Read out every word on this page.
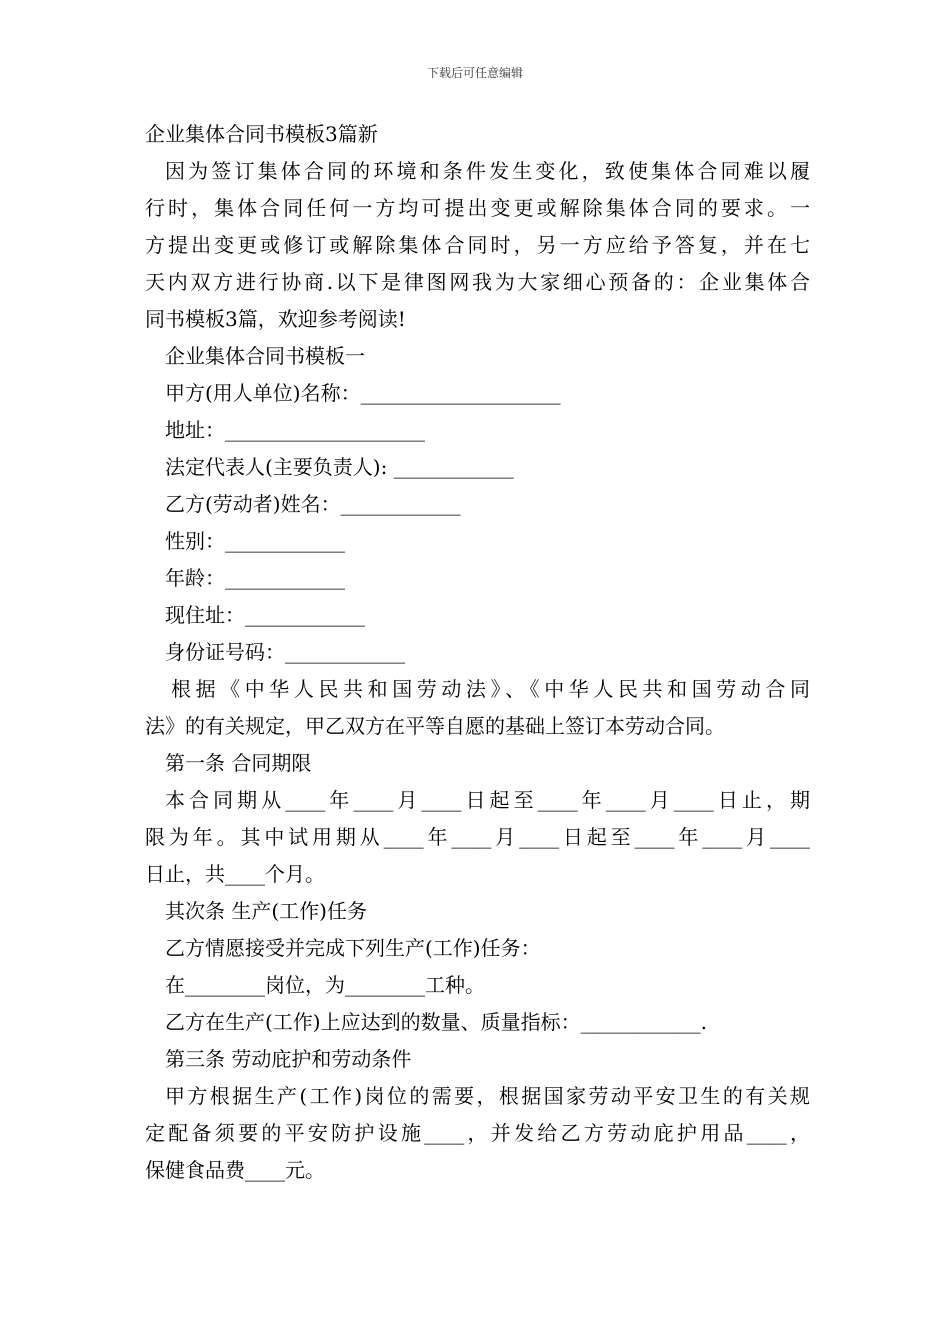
下载后可任意编辑
企业集体合同书模板3篇新
因为签订集体合同的环境和条件发生变化，致使集体合同难以履
行时，集体合同任何一方均可提出变更或解除集体合同的要求。一
方提出变更或修订或解除集体合同时，另一方应给予答复，并在七
天内双方进行协商.以下是律图网我为大家细心预备的：企业集体合
同书模板3篇，欢迎参考阅读!
企业集体合同书模板一
甲方(用人单位)名称：____________________
地址：____________________
法定代表人(主要负责人): ____________
乙方(劳动者)姓名：____________
性别：____________
年龄：____________
现住址：____________
身份证号码：____________
根据《中华人民共和国劳动法》、《中华人民共和国劳动合同
法》的有关规定，甲乙双方在平等自愿的基础上签订本劳动合同。
第一条 合同期限
本合同期从____年____月____日起至____年____月____日止，期
限为年。其中试用期从____年____月____日起至____年____月____
日止，共____个月。
其次条 生产(工作)任务
乙方情愿接受并完成下列生产(工作)任务：
在________岗位，为________工种。
乙方在生产(工作)上应达到的数量、质量指标：____________.
第三条 劳动庇护和劳动条件
甲方根据生产(工作)岗位的需要，根据国家劳动平安卫生的有关规
定配备须要的平安防护设施____，并发给乙方劳动庇护用品____，
保健食品费____元。
